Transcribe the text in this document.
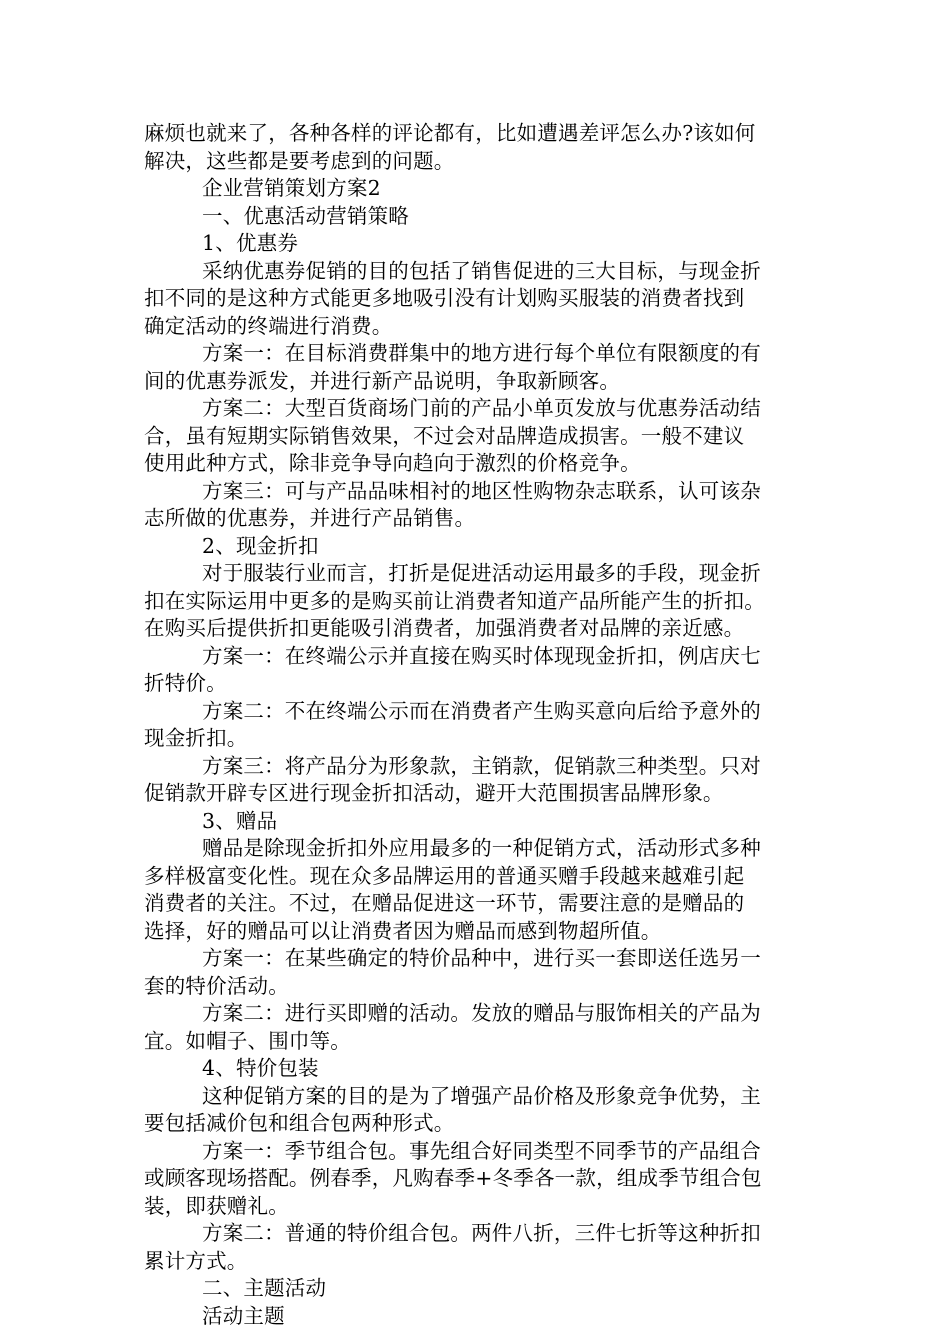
麻烦也就来了，各种各样的评论都有，比如遭遇差评怎么办?该如何

解决，这些都是要考虑到的问题。

企业营销策划方案2

一、优惠活动营销策略

1、优惠券

采纳优惠券促销的目的包括了销售促进的三大目标，与现金折

扣不同的是这种方式能更多地吸引没有计划购买服装的消费者找到

确定活动的终端进行消费。

方案一：在目标消费群集中的地方进行每个单位有限额度的有

间的优惠券派发，并进行新产品说明，争取新顾客。

方案二：大型百货商场门前的产品小单页发放与优惠券活动结

合，虽有短期实际销售效果，不过会对品牌造成损害。一般不建议

使用此种方式，除非竞争导向趋向于激烈的价格竞争。

方案三：可与产品品味相衬的地区性购物杂志联系，认可该杂

志所做的优惠券，并进行产品销售。

2、现金折扣

对于服装行业而言，打折是促进活动运用最多的手段，现金折

扣在实际运用中更多的是购买前让消费者知道产品所能产生的折扣。

在购买后提供折扣更能吸引消费者，加强消费者对品牌的亲近感。

方案一：在终端公示并直接在购买时体现现金折扣，例店庆七

折特价。

方案二：不在终端公示而在消费者产生购买意向后给予意外的

现金折扣。

方案三：将产品分为形象款，主销款，促销款三种类型。只对

促销款开辟专区进行现金折扣活动，避开大范围损害品牌形象。

3、赠品

赠品是除现金折扣外应用最多的一种促销方式，活动形式多种

多样极富变化性。现在众多品牌运用的普通买赠手段越来越难引起

消费者的关注。不过，在赠品促进这一环节，需要注意的是赠品的

选择，好的赠品可以让消费者因为赠品而感到物超所值。

方案一：在某些确定的特价品种中，进行买一套即送任选另一

套的特价活动。

方案二：进行买即赠的活动。发放的赠品与服饰相关的产品为

宜。如帽子、围巾等。

4、特价包装

这种促销方案的目的是为了增强产品价格及形象竞争优势，主

要包括减价包和组合包两种形式。

方案一：季节组合包。事先组合好同类型不同季节的产品组合

或顾客现场搭配。例春季，凡购春季+冬季各一款，组成季节组合包

装，即获赠礼。

方案二：普通的特价组合包。两件八折，三件七折等这种折扣

累计方式。

二、主题活动

活动主题
